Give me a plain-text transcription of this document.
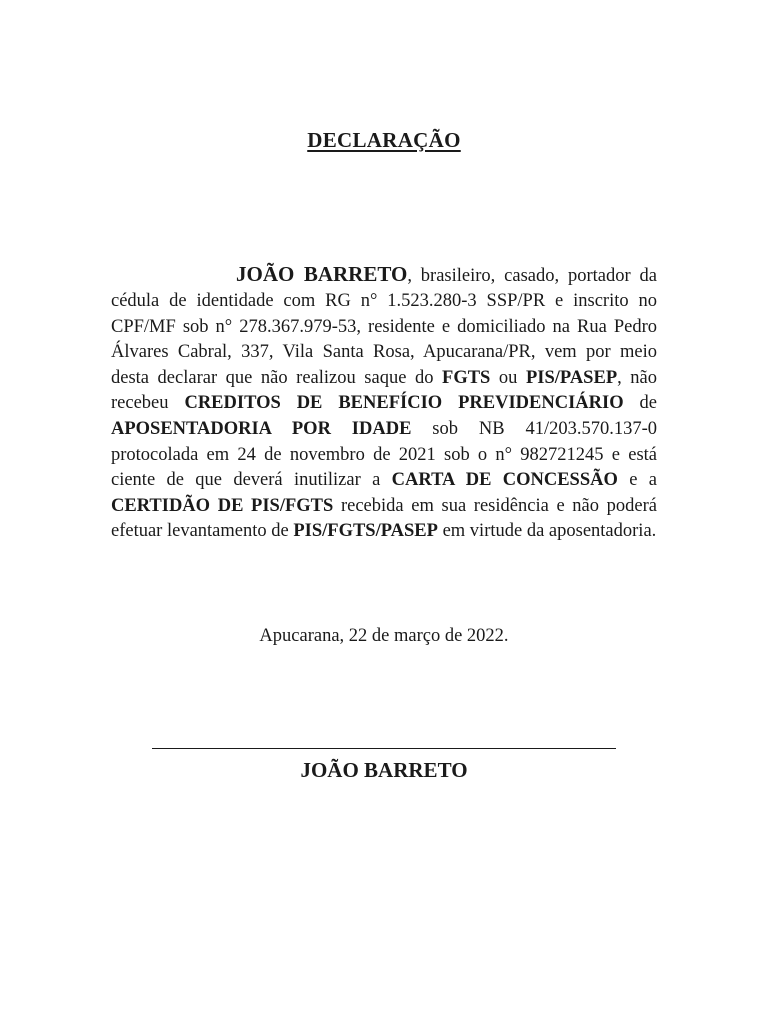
DECLARAÇÃO

JOÃO BARRETO, brasileiro, casado, portador da cédula de identidade com RG n° 1.523.280-3 SSP/PR e inscrito no CPF/MF sob n° 278.367.979-53, residente e domiciliado na Rua Pedro Álvares Cabral, 337, Vila Santa Rosa, Apucarana/PR, vem por meio desta declarar que não realizou saque do FGTS ou PIS/PASEP, não recebeu CREDITOS DE BENEFÍCIO PREVIDENCIÁRIO de APOSENTADORIA POR IDADE sob NB 41/203.570.137-0 protocolada em 24 de novembro de 2021 sob o n° 982721245 e está ciente de que deverá inutilizar a CARTA DE CONCESSÃO e a CERTIDÃO DE PIS/FGTS recebida em sua residência e não poderá efetuar levantamento de PIS/FGTS/PASEP em virtude da aposentadoria.

Apucarana, 22 de março de 2022.
JOÃO BARRETO
